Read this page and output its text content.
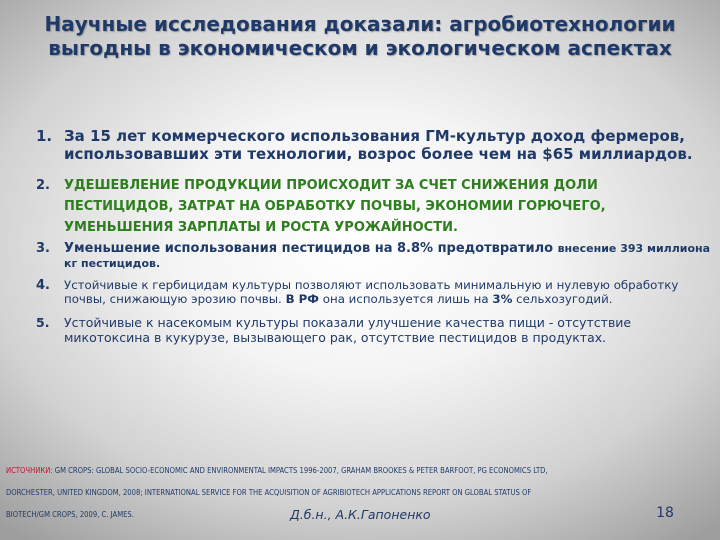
Научные исследования доказали: агробиотехнологии выгодны в экономическом и экологическом аспектах
1. За 15 лет коммерческого использования ГМ-культур доход фермеров, использовавших эти технологии, возрос более чем на $65 миллиардов.
2. УДЕШЕВЛЕНИЕ ПРОДУКЦИИ ПРОИСХОДИТ ЗА СЧЕТ СНИЖЕНИЯ ДОЛИ ПЕСТИЦИДОВ, ЗАТРАТ НА ОБРАБОТКУ ПОЧВЫ, ЭКОНОМИИ ГОРЮЧЕГО, УМЕНЬШЕНИЯ ЗАРПЛАТЫ И РОСТА УРОЖАЙНОСТИ.
3. Уменьшение использования пестицидов на 8.8% предотвратило внесение 393 миллиона кг пестицидов.
4. Устойчивые к гербицидам культуры позволяют использовать минимальную и нулевую обработку почвы, снижающую эрозию почвы. В РФ она используется лишь на 3% сельхозугодий.
5. Устойчивые к насекомым культуры показали улучшение качества пищи - отсутствие микотоксина в кукурузе, вызывающего рак, отсутствие пестицидов в продуктах.
ИСТОЧНИКИ: GM CROPS: GLOBAL SOCIO-ECONOMIC AND ENVIRONMENTAL IMPACTS 1996-2007, GRAHAM BROOKES & PETER BARFOOT, PG ECONOMICS LTD,
DORCHESTER, UNITED KINGDOM, 2008; INTERNATIONAL SERVICE FOR THE ACQUISITION OF AGRIBIOTECH APPLICATIONS REPORT ON GLOBAL STATUS OF
BIOTECH/GM CROPS, 2009, C. JAMES.	Д.б.н., А.К.Гапоненко	18
